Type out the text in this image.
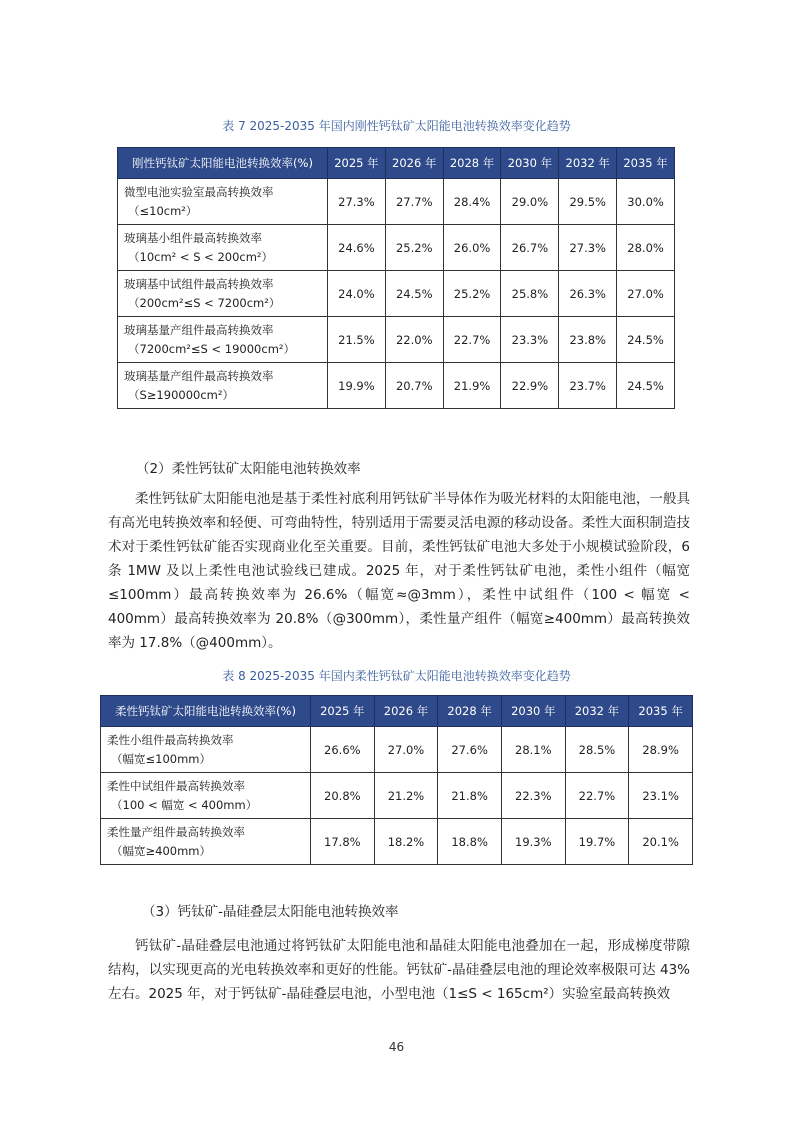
表 7 2025-2035 年国内刚性钙钛矿太阳能电池转换效率变化趋势
刚性钙钛矿太阳能电池转换效率(%)	2025 年	2026 年	2028 年	2030 年	2032 年	2035 年

微型电池实验室最高转换效率
（≤10cm²）	27.3%	27.7%	28.4%	29.0%	29.5%	30.0%

玻璃基小组件最高转换效率
（10cm² < S < 200cm²）	24.6%	25.2%	26.0%	26.7%	27.3%	28.0%

玻璃基中试组件最高转换效率
（200cm²≤S < 7200cm²）	24.0%	24.5%	25.2%	25.8%	26.3%	27.0%

玻璃基量产组件最高转换效率
（7200cm²≤S < 19000cm²）	21.5%	22.0%	22.7%	23.3%	23.8%	24.5%

玻璃基量产组件最高转换效率
（S≥190000cm²）	19.9%	20.7%	21.9%	22.9%	23.7%	24.5%
（2）柔性钙钛矿太阳能电池转换效率

柔性钙钛矿太阳能电池是基于柔性衬底利用钙钛矿半导体作为吸光材料的太阳能电池，一般具有高光电转换效率和轻便、可弯曲特性，特别适用于需要灵活电源的移动设备。柔性大面积制造技术对于柔性钙钛矿能否实现商业化至关重要。目前，柔性钙钛矿电池大多处于小规模试验阶段，6 条 1MW 及以上柔性电池试验线已建成。2025 年，对于柔性钙钛矿电池，柔性小组件（幅宽≤100mm）最高转换效率为 26.6%（幅宽≈@3mm），柔性中试组件（100 < 幅宽 < 400mm）最高转换效率为 20.8%（@300mm），柔性量产组件（幅宽≥400mm）最高转换效率为 17.8%（@400mm）。

表 8 2025-2035 年国内柔性钙钛矿太阳能电池转换效率变化趋势
柔性钙钛矿太阳能电池转换效率(%)	2025 年	2026 年	2028 年	2030 年	2032 年	2035 年

柔性小组件最高转换效率
（幅宽≤100mm）	26.6%	27.0%	27.6%	28.1%	28.5%	28.9%

柔性中试组件最高转换效率
（100 < 幅宽 < 400mm）	20.8%	21.2%	21.8%	22.3%	22.7%	23.1%

柔性量产组件最高转换效率
（幅宽≥400mm）	17.8%	18.2%	18.8%	19.3%	19.7%	20.1%
（3）钙钛矿-晶硅叠层太阳能电池转换效率

钙钛矿-晶硅叠层电池通过将钙钛矿太阳能电池和晶硅太阳能电池叠加在一起，形成梯度带隙结构，以实现更高的光电转换效率和更好的性能。钙钛矿-晶硅叠层电池的理论效率极限可达 43%左右。2025 年，对于钙钛矿-晶硅叠层电池，小型电池（1≤S < 165cm²）实验室最高转换效

46
